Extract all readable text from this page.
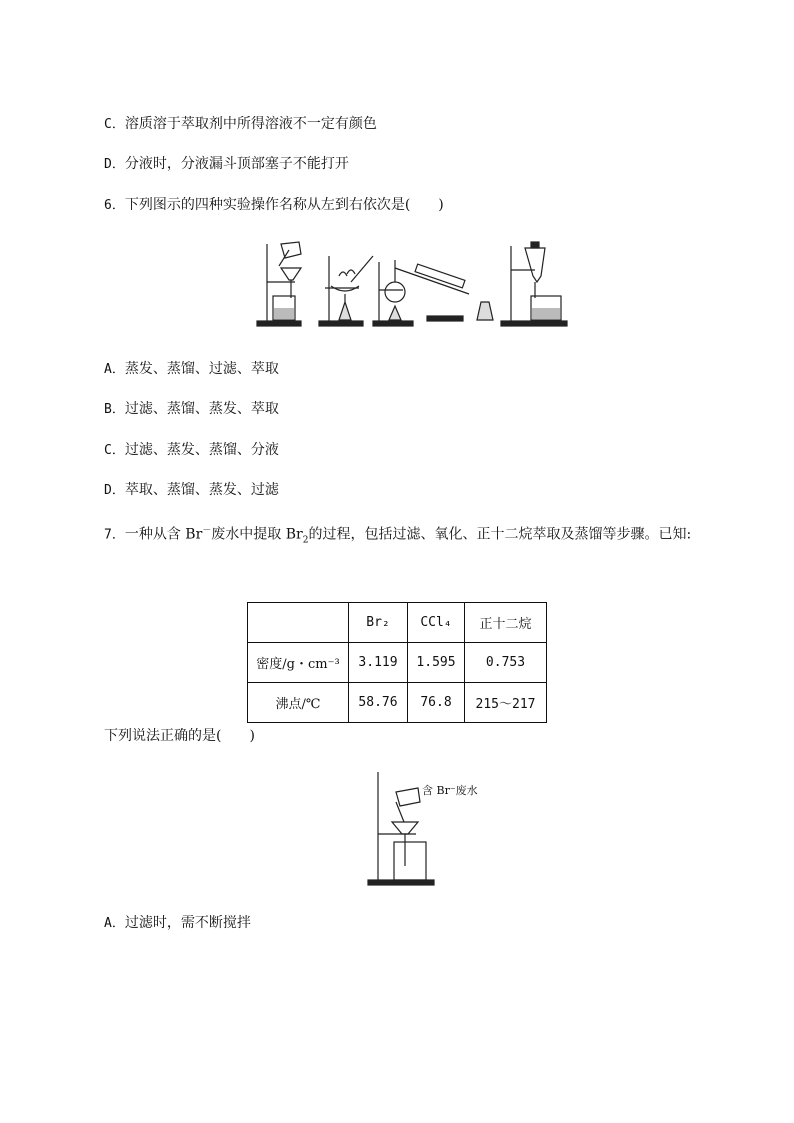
C．溶质溶于萃取剂中所得溶液不一定有颜色
D．分液时，分液漏斗顶部塞子不能打开
6．下列图示的四种实验操作名称从左到右依次是(　　)
A．蒸发、蒸馏、过滤、萃取
B．过滤、蒸馏、蒸发、萃取
C．过滤、蒸发、蒸馏、分液
D．萃取、蒸馏、蒸发、过滤
7．一种从含 Br－废水中提取 $Br_2$的过程，包括过滤、氧化、正十二烷萃取及蒸馏等步骤。已知:
	Br₂	CCl₄	正十二烷
密度/g・cm⁻³	3.119	1.595	0.753
沸点/℃	58.76	76.8	215～217
下列说法正确的是(　　)
含 Br⁻废水
A．过滤时，需不断搅拌
